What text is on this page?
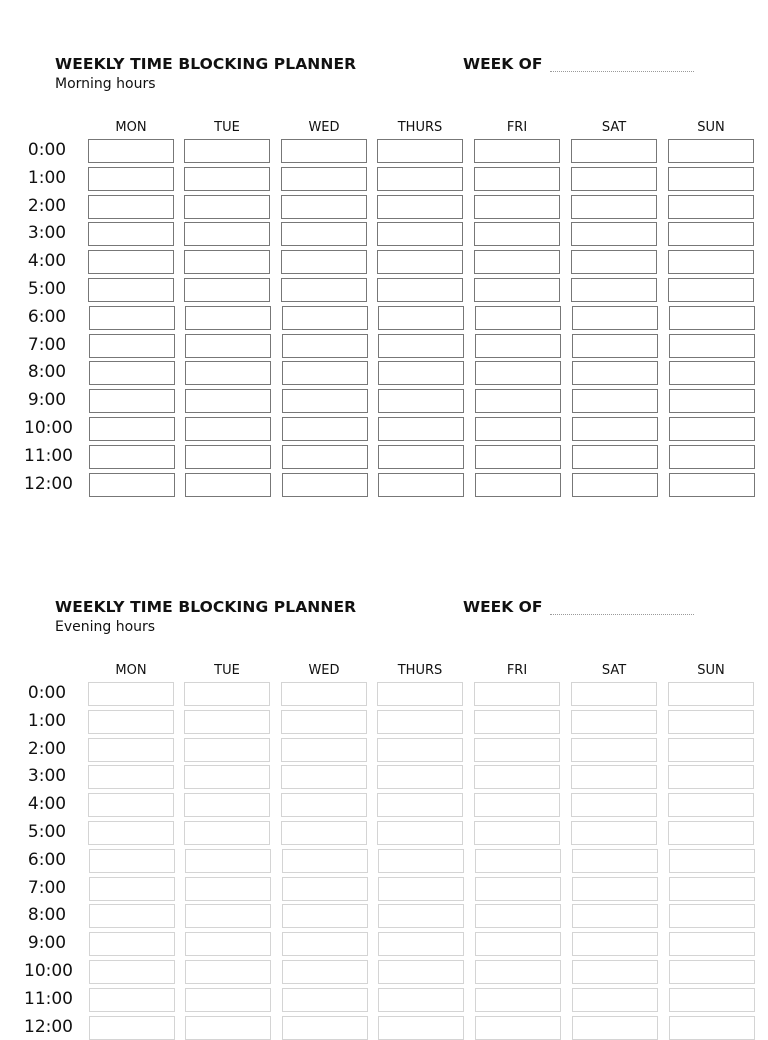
WEEKLY TIME BLOCKING PLANNER
Morning hours
WEEK OF
MON	TUE	WED	THURS	FRI	SAT	SUN
0:00
1:00
2:00
3:00
4:00
5:00
6:00
7:00
8:00
9:00
10:00
11:00
12:00
WEEKLY TIME BLOCKING PLANNER
Evening hours
WEEK OF
MON	TUE	WED	THURS	FRI	SAT	SUN
0:00
1:00
2:00
3:00
4:00
5:00
6:00
7:00
8:00
9:00
10:00
11:00
12:00
